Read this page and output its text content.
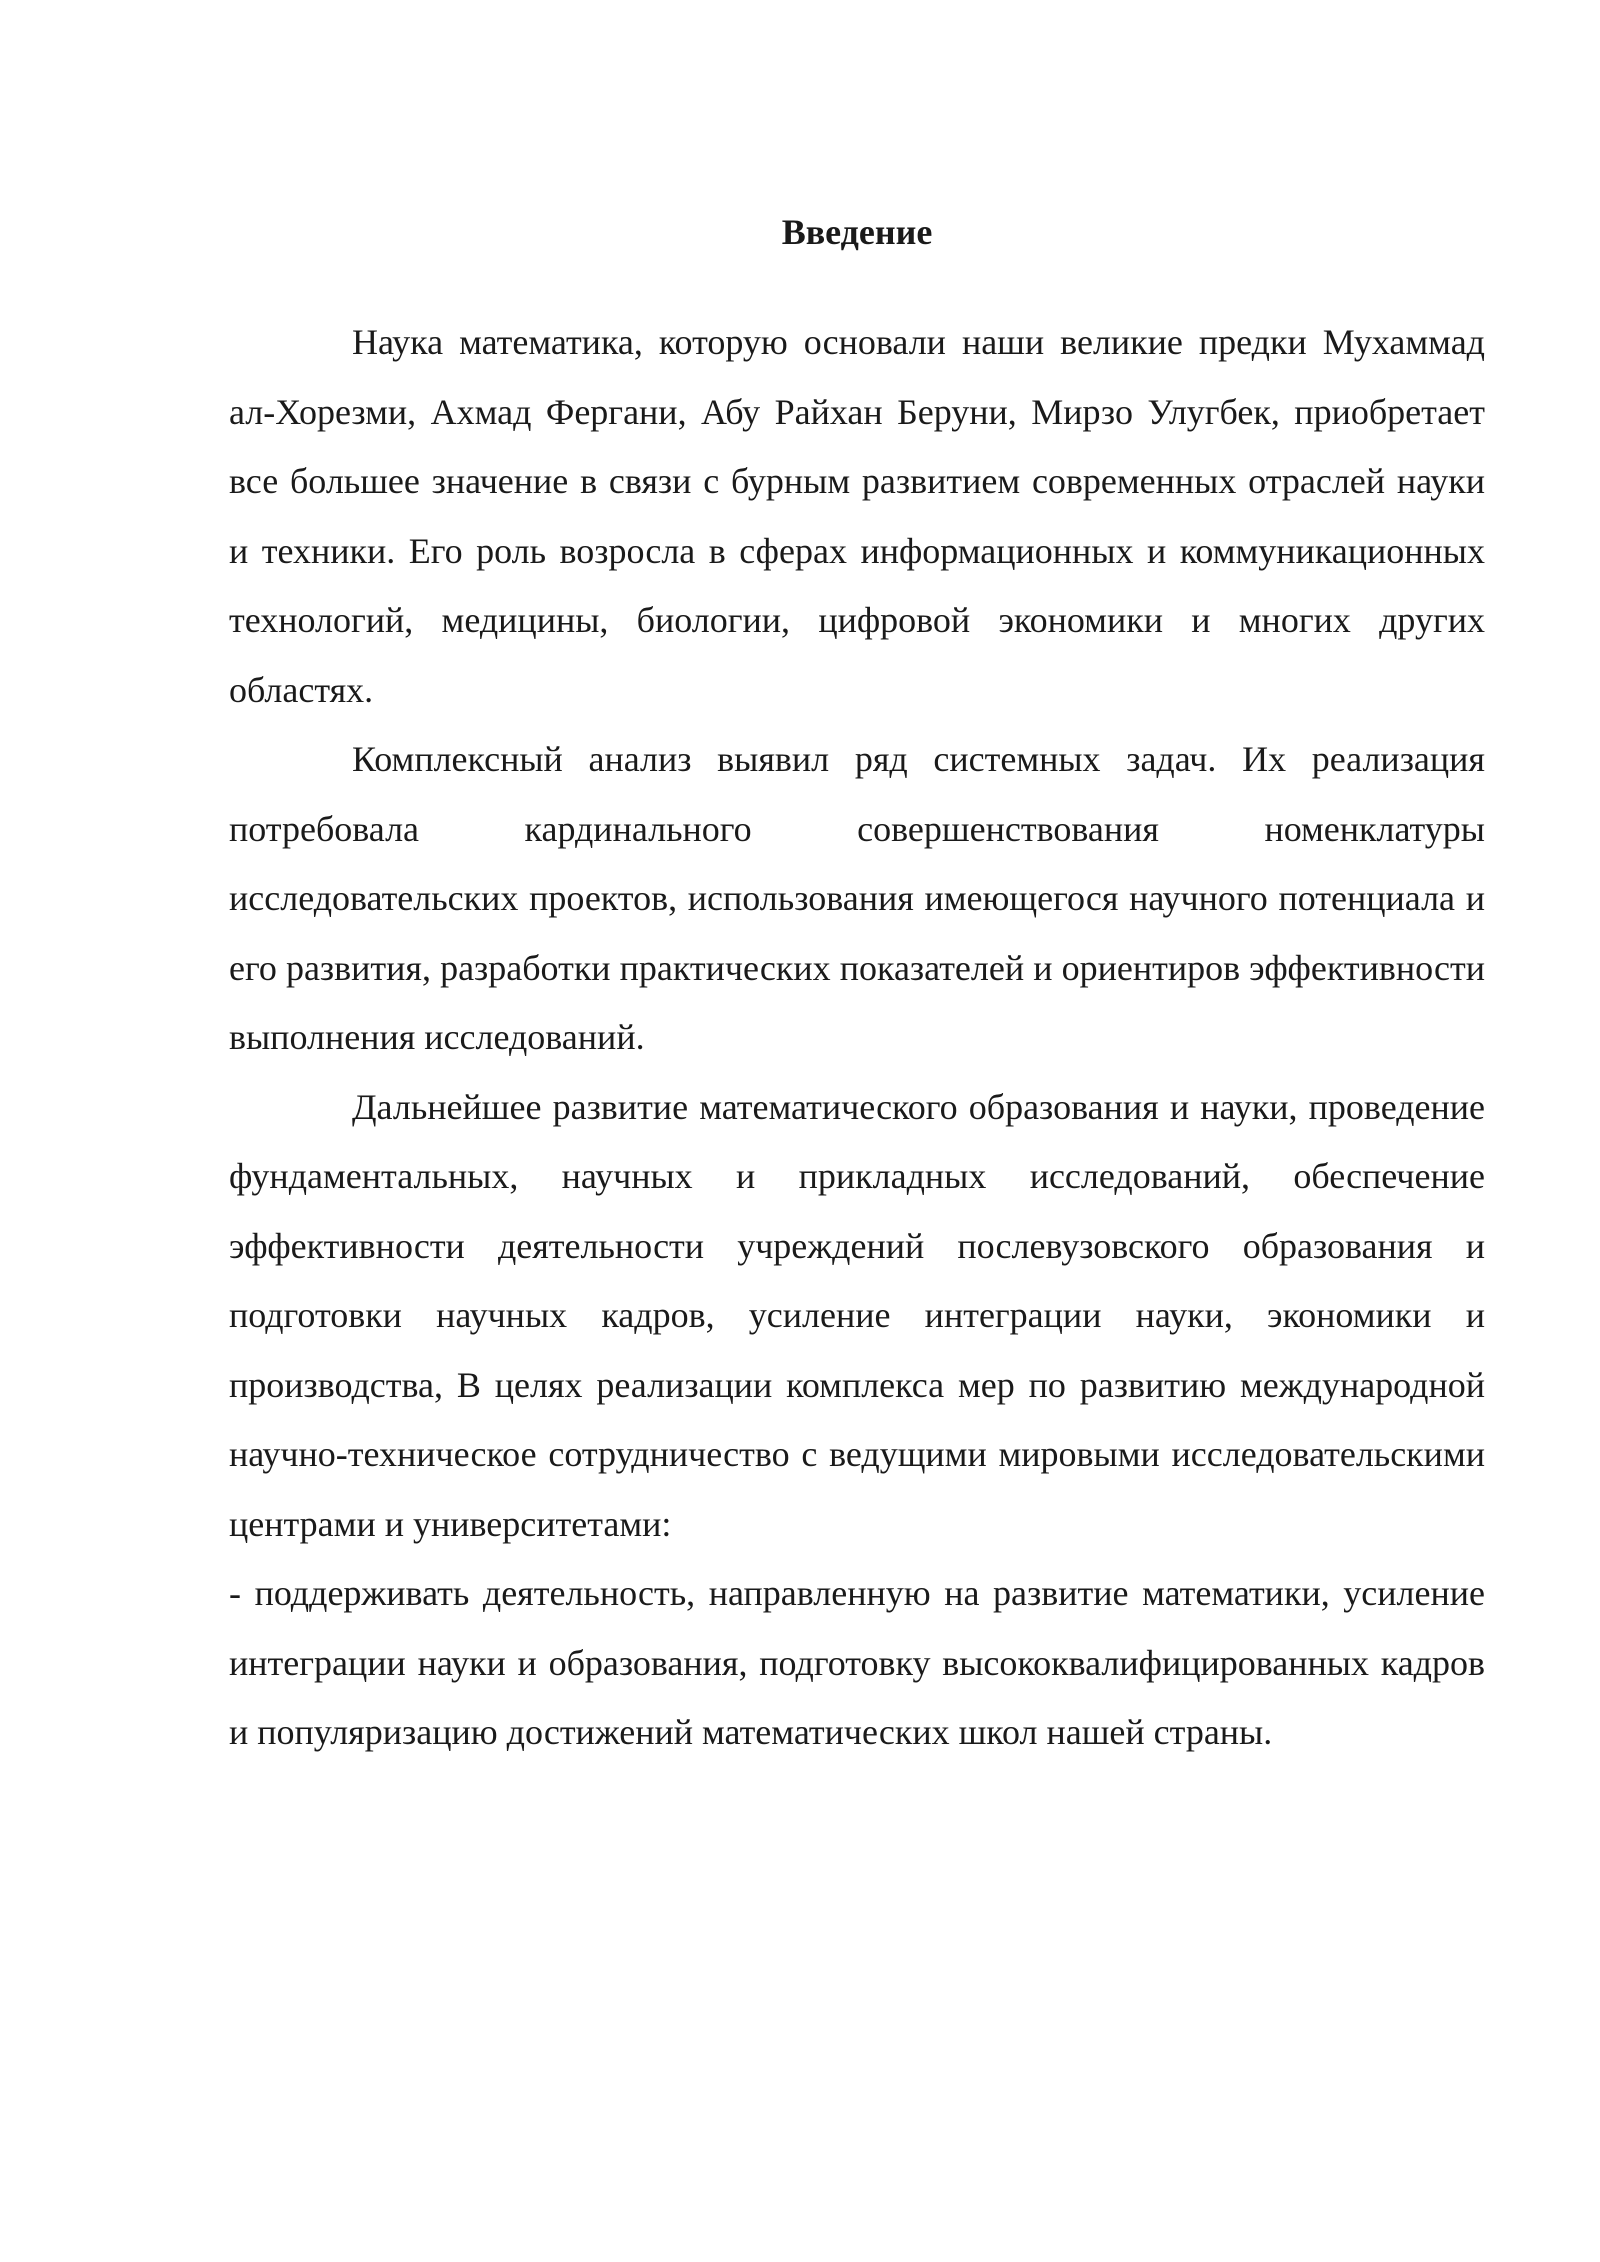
Введение

Наука математика, которую основали наши великие предки Мухаммад ал-Хорезми, Ахмад Фергани, Абу Райхан Беруни, Мирзо Улугбек, приобретает все большее значение в связи с бурным развитием современных отраслей науки и техники. Его роль возросла в сферах информационных и коммуникационных технологий, медицины, биологии, цифровой экономики и многих других областях.

Комплексный анализ выявил ряд системных задач. Их реализация потребовала кардинального совершенствования номенклатуры исследовательских проектов, использования имеющегося научного потенциала и его развития, разработки практических показателей и ориентиров эффективности выполнения исследований.

Дальнейшее развитие математического образования и науки, проведение фундаментальных, научных и прикладных исследований, обеспечение эффективности деятельности учреждений послевузовского образования и подготовки научных кадров, усиление интеграции науки, экономики и производства, В целях реализации комплекса мер по развитию международной научно-техническое сотрудничество с ведущими мировыми исследовательскими центрами и университетами:

- поддерживать деятельность, направленную на развитие математики, усиление интеграции науки и образования, подготовку высококвалифицированных кадров и популяризацию достижений математических школ нашей страны.
